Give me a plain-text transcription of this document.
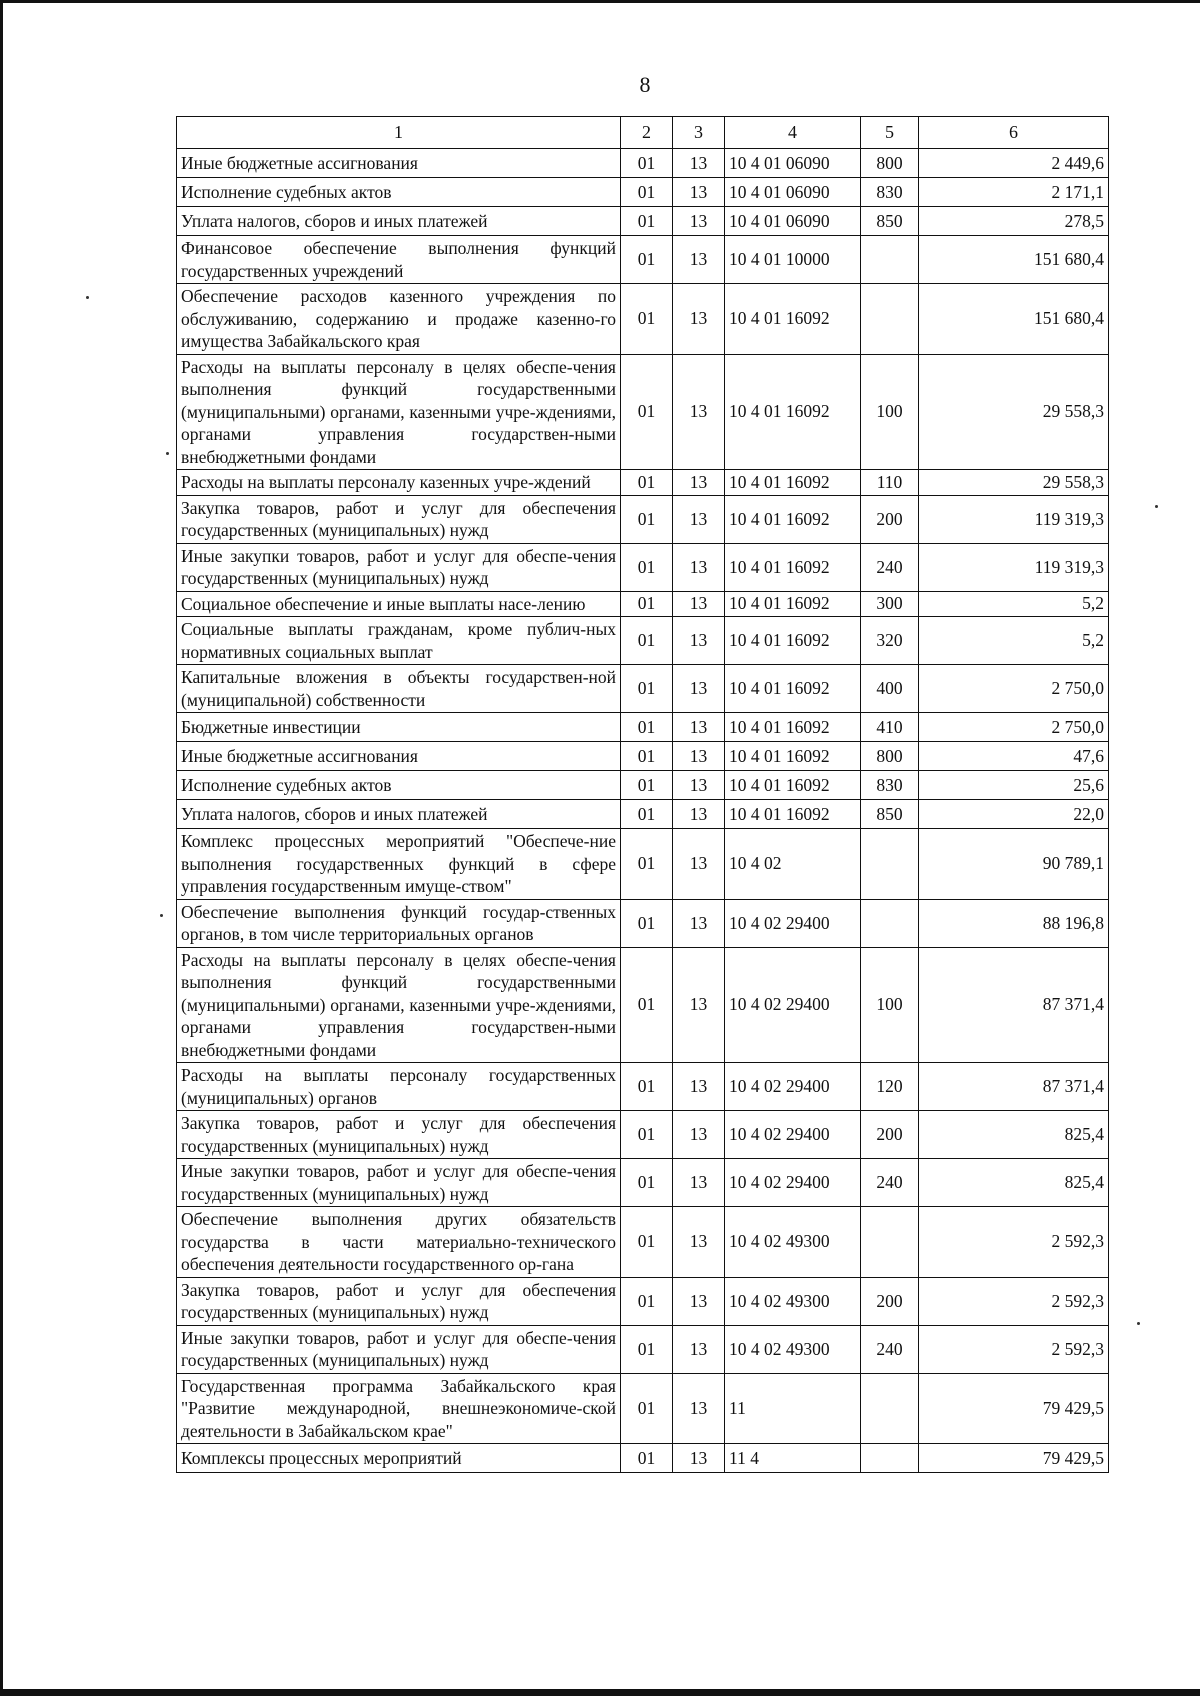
8
1	2	3	4	5	6
Иные бюджетные ассигнования	01	13	10 4 01 06090	800	2 449,6
Исполнение судебных актов	01	13	10 4 01 06090	830	2 171,1
Уплата налогов, сборов и иных платежей	01	13	10 4 01 06090	850	278,5
Финансовое обеспечение выполнения функций государственных учреждений	01	13	10 4 01 10000		151 680,4
Обеспечение расходов казенного учреждения по обслуживанию, содержанию и продаже казенно-го имущества Забайкальского края	01	13	10 4 01 16092		151 680,4
Расходы на выплаты персоналу в целях обеспе-чения выполнения функций государственными (муниципальными) органами, казенными учре-ждениями, органами управления государствен-ными внебюджетными фондами	01	13	10 4 01 16092	100	29 558,3
Расходы на выплаты персоналу казенных учре-ждений	01	13	10 4 01 16092	110	29 558,3
Закупка товаров, работ и услуг для обеспечения государственных (муниципальных) нужд	01	13	10 4 01 16092	200	119 319,3
Иные закупки товаров, работ и услуг для обеспе-чения государственных (муниципальных) нужд	01	13	10 4 01 16092	240	119 319,3
Социальное обеспечение и иные выплаты насе-лению	01	13	10 4 01 16092	300	5,2
Социальные выплаты гражданам, кроме публич-ных нормативных социальных выплат	01	13	10 4 01 16092	320	5,2
Капитальные вложения в объекты государствен-ной (муниципальной) собственности	01	13	10 4 01 16092	400	2 750,0
Бюджетные инвестиции	01	13	10 4 01 16092	410	2 750,0
Иные бюджетные ассигнования	01	13	10 4 01 16092	800	47,6
Исполнение судебных актов	01	13	10 4 01 16092	830	25,6
Уплата налогов, сборов и иных платежей	01	13	10 4 01 16092	850	22,0
Комплекс процессных мероприятий "Обеспече-ние выполнения государственных функций в сфере управления государственным имуще-ством"	01	13	10 4 02		90 789,1
Обеспечение выполнения функций государ-ственных органов, в том числе территориальных органов	01	13	10 4 02 29400		88 196,8
Расходы на выплаты персоналу в целях обеспе-чения выполнения функций государственными (муниципальными) органами, казенными учре-ждениями, органами управления государствен-ными внебюджетными фондами	01	13	10 4 02 29400	100	87 371,4
Расходы на выплаты персоналу государственных (муниципальных) органов	01	13	10 4 02 29400	120	87 371,4
Закупка товаров, работ и услуг для обеспечения государственных (муниципальных) нужд	01	13	10 4 02 29400	200	825,4
Иные закупки товаров, работ и услуг для обеспе-чения государственных (муниципальных) нужд	01	13	10 4 02 29400	240	825,4
Обеспечение выполнения других обязательств государства в части материально-технического обеспечения деятельности государственного ор-гана	01	13	10 4 02 49300		2 592,3
Закупка товаров, работ и услуг для обеспечения государственных (муниципальных) нужд	01	13	10 4 02 49300	200	2 592,3
Иные закупки товаров, работ и услуг для обеспе-чения государственных (муниципальных) нужд	01	13	10 4 02 49300	240	2 592,3
Государственная программа Забайкальского края "Развитие международной, внешнеэкономиче-ской деятельности в Забайкальском крае"	01	13	11		79 429,5
Комплексы процессных мероприятий	01	13	11 4		79 429,5
